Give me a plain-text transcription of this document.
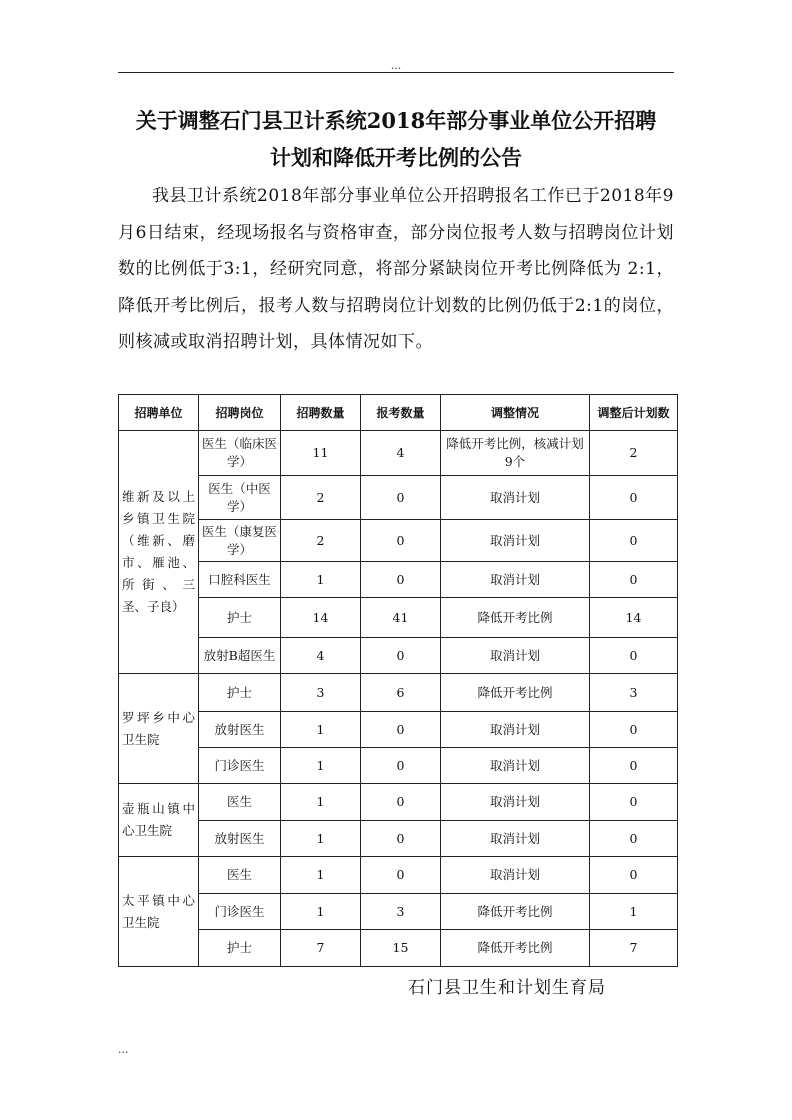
...
关于调整石门县卫计系统2018年部分事业单位公开招聘
计划和降低开考比例的公告
我县卫计系统2018年部分事业单位公开招聘报名工作已于2018年9月6日结束，经现场报名与资格审查，部分岗位报考人数与招聘岗位计划数的比例低于3:1，经研究同意，将部分紧缺岗位开考比例降低为 2:1，降低开考比例后，报考人数与招聘岗位计划数的比例仍低于2:1的岗位，则核减或取消招聘计划，具体情况如下。
招聘单位	招聘岗位	招聘数量	报考数量	调整情况	调整后计划数
维新及以上乡镇卫生院（维新、磨市、雁池、所街、三圣、子良）	医生（临床医学）	11	4	降低开考比例，核减计划9个	2
	医生（中医学）	2	0	取消计划	0
	医生（康复医学）	2	0	取消计划	0
	口腔科医生	1	0	取消计划	0
	护士	14	41	降低开考比例	14
	放射B超医生	4	0	取消计划	0
罗坪乡中心卫生院	护士	3	6	降低开考比例	3
	放射医生	1	0	取消计划	0
	门诊医生	1	0	取消计划	0
壶瓶山镇中心卫生院	医生	1	0	取消计划	0
	放射医生	1	0	取消计划	0
太平镇中心卫生院	医生	1	0	取消计划	0
	门诊医生	1	3	降低开考比例	1
	护士	7	15	降低开考比例	7
石门县卫生和计划生育局
...
